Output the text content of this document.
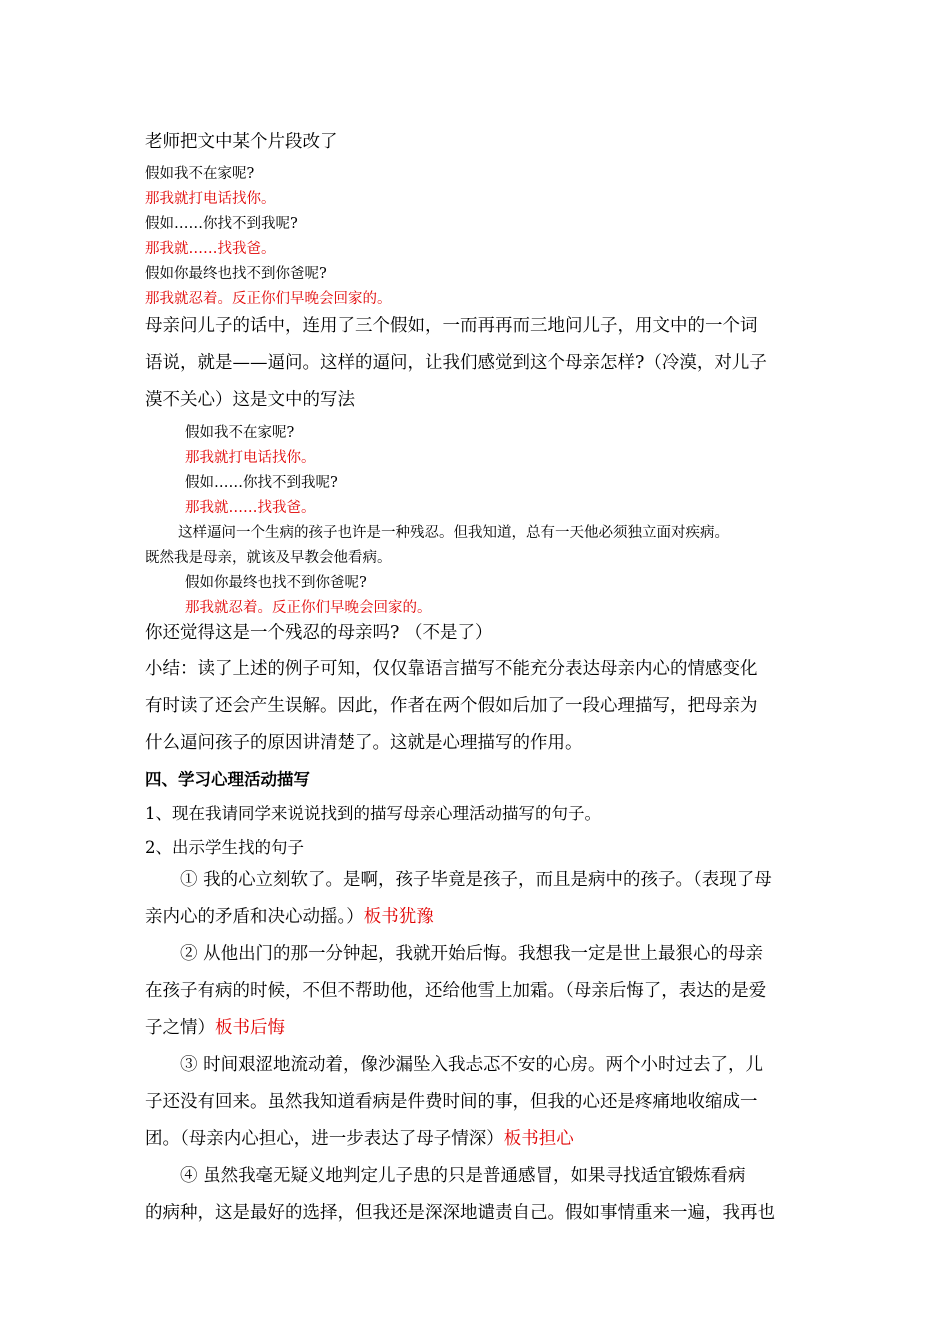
老师把文中某个片段改了
假如我不在家呢?
那我就打电话找你。
假如……你找不到我呢?
那我就……找我爸。
假如你最终也找不到你爸呢?
那我就忍着。反正你们早晚会回家的。
母亲问儿子的话中，连用了三个假如，一而再再而三地问儿子，用文中的一个词
语说，就是——逼问。这样的逼问，让我们感觉到这个母亲怎样?（冷漠，对儿子
漠不关心）这是文中的写法
假如我不在家呢?
那我就打电话找你。
假如……你找不到我呢?
那我就……找我爸。
这样逼问一个生病的孩子也许是一种残忍。但我知道，总有一天他必须独立面对疾病。
既然我是母亲，就该及早教会他看病。
假如你最终也找不到你爸呢?
那我就忍着。反正你们早晚会回家的。
你还觉得这是一个残忍的母亲吗? （不是了）
小结：读了上述的例子可知，仅仅靠语言描写不能充分表达母亲内心的情感变化
有时读了还会产生误解。因此，作者在两个假如后加了一段心理描写，把母亲为
什么逼问孩子的原因讲清楚了。这就是心理描写的作用。
四、学习心理活动描写
1、现在我请同学来说说找到的描写母亲心理活动描写的句子。
2、出示学生找的句子
① 我的心立刻软了。是啊，孩子毕竟是孩子，而且是病中的孩子。（表现了母
亲内心的矛盾和决心动摇。）板书犹豫
② 从他出门的那一分钟起，我就开始后悔。我想我一定是世上最狠心的母亲
在孩子有病的时候，不但不帮助他，还给他雪上加霜。（母亲后悔了，表达的是爱
子之情）板书后悔
③ 时间艰涩地流动着，像沙漏坠入我忐忑不安的心房。两个小时过去了，儿
子还没有回来。虽然我知道看病是件费时间的事，但我的心还是疼痛地收缩成一
团。（母亲内心担心，进一步表达了母子情深）板书担心
④ 虽然我毫无疑义地判定儿子患的只是普通感冒，如果寻找适宜锻炼看病
的病种，这是最好的选择，但我还是深深地谴责自己。假如事情重来一遍，我再也
